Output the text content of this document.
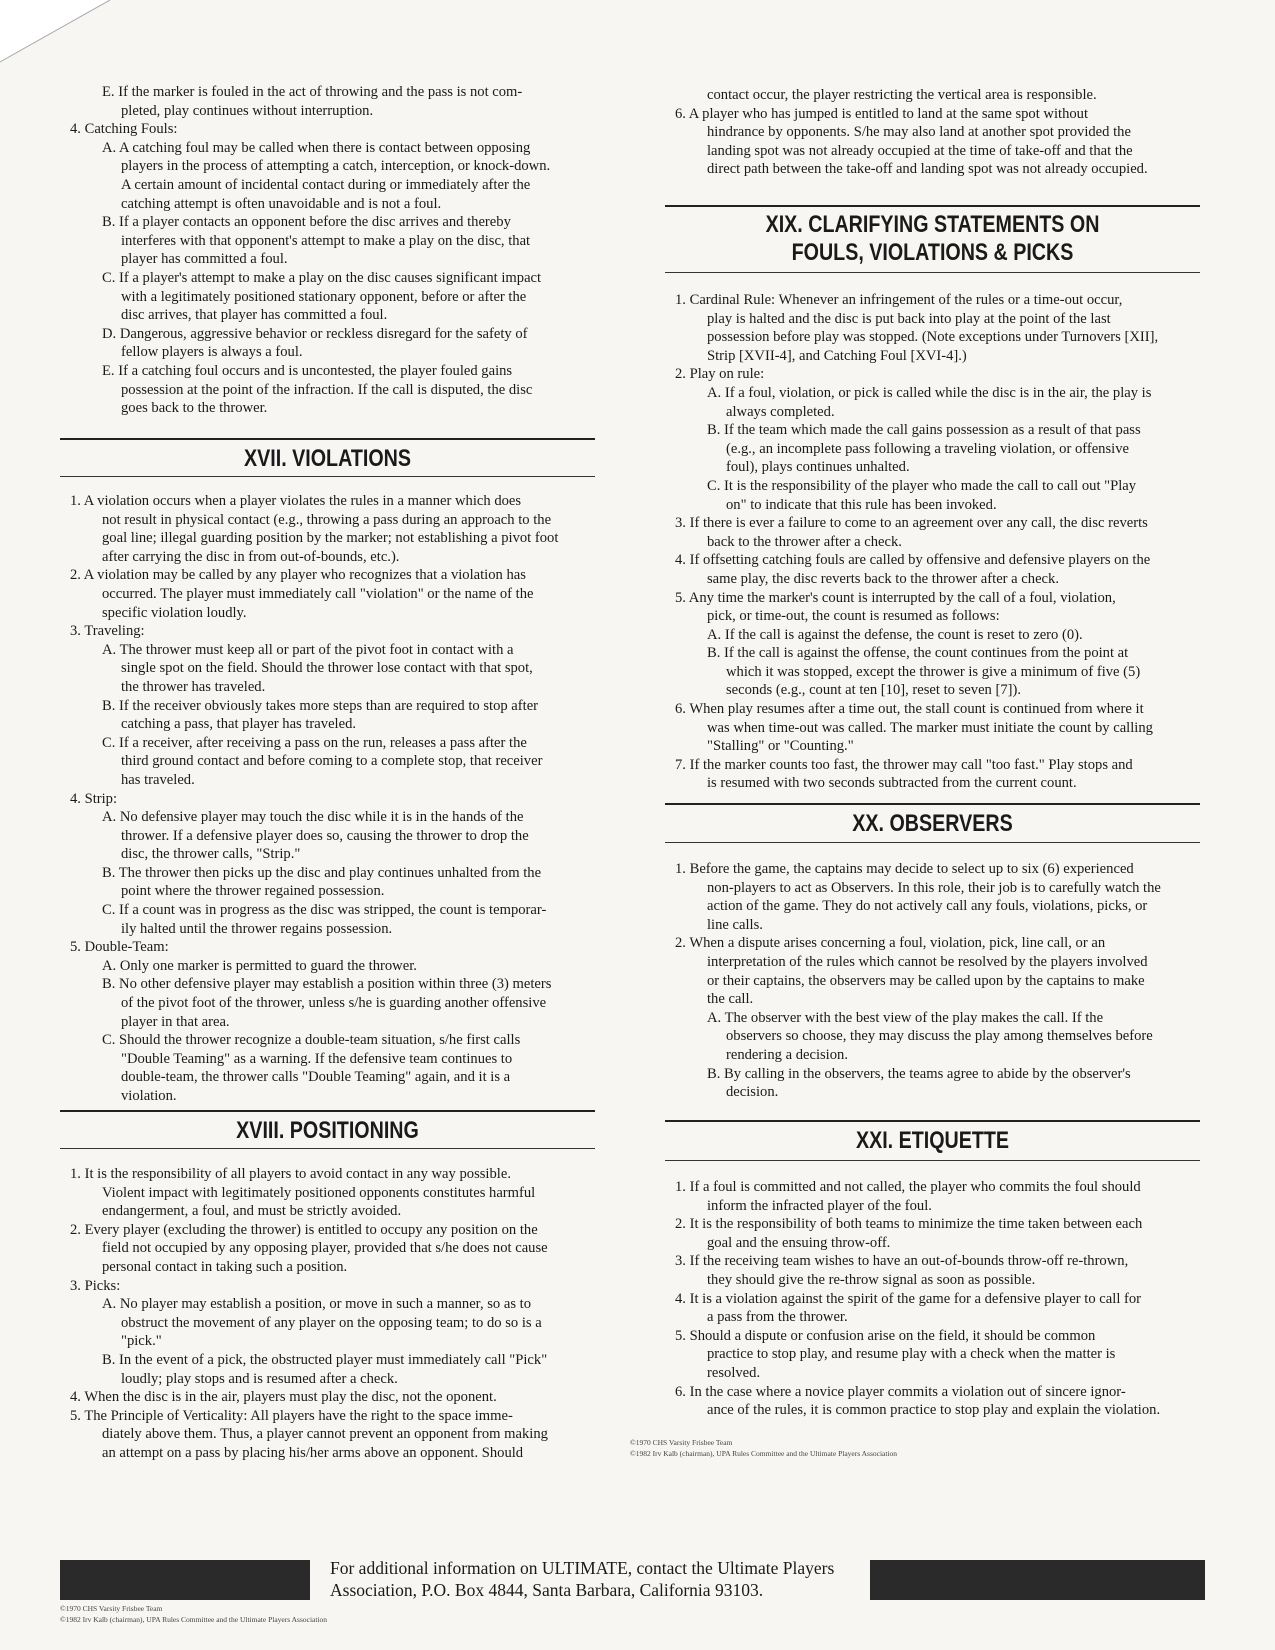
E. If the marker is fouled in the act of throwing and the pass is not com-
pleted, play continues without interruption.
4. Catching Fouls:
A. A catching foul may be called when there is contact between opposing
players in the process of attempting a catch, interception, or knock-down.
A certain amount of incidental contact during or immediately after the
catching attempt is often unavoidable and is not a foul.
B. If a player contacts an opponent before the disc arrives and thereby
interferes with that opponent's attempt to make a play on the disc, that
player has committed a foul.
C. If a player's attempt to make a play on the disc causes significant impact
with a legitimately positioned stationary opponent, before or after the
disc arrives, that player has committed a foul.
D. Dangerous, aggressive behavior or reckless disregard for the safety of
fellow players is always a foul.
E. If a catching foul occurs and is uncontested, the player fouled gains
possession at the point of the infraction. If the call is disputed, the disc
goes back to the thrower.
XVII. VIOLATIONS
1. A violation occurs when a player violates the rules in a manner which does
not result in physical contact (e.g., throwing a pass during an approach to the
goal line; illegal guarding position by the marker; not establishing a pivot foot
after carrying the disc in from out-of-bounds, etc.).
2. A violation may be called by any player who recognizes that a violation has
occurred. The player must immediately call "violation" or the name of the
specific violation loudly.
3. Traveling:
A. The thrower must keep all or part of the pivot foot in contact with a
single spot on the field. Should the thrower lose contact with that spot,
the thrower has traveled.
B. If the receiver obviously takes more steps than are required to stop after
catching a pass, that player has traveled.
C. If a receiver, after receiving a pass on the run, releases a pass after the
third ground contact and before coming to a complete stop, that receiver
has traveled.
4. Strip:
A. No defensive player may touch the disc while it is in the hands of the
thrower. If a defensive player does so, causing the thrower to drop the
disc, the thrower calls, "Strip."
B. The thrower then picks up the disc and play continues unhalted from the
point where the thrower regained possession.
C. If a count was in progress as the disc was stripped, the count is temporar-
ily halted until the thrower regains possession.
5. Double-Team:
A. Only one marker is permitted to guard the thrower.
B. No other defensive player may establish a position within three (3) meters
of the pivot foot of the thrower, unless s/he is guarding another offensive
player in that area.
C. Should the thrower recognize a double-team situation, s/he first calls
"Double Teaming" as a warning. If the defensive team continues to
double-team, the thrower calls "Double Teaming" again, and it is a
violation.
XVIII. POSITIONING
1. It is the responsibility of all players to avoid contact in any way possible.
Violent impact with legitimately positioned opponents constitutes harmful
endangerment, a foul, and must be strictly avoided.
2. Every player (excluding the thrower) is entitled to occupy any position on the
field not occupied by any opposing player, provided that s/he does not cause
personal contact in taking such a position.
3. Picks:
A. No player may establish a position, or move in such a manner, so as to
obstruct the movement of any player on the opposing team; to do so is a
"pick."
B. In the event of a pick, the obstructed player must immediately call "Pick"
loudly; play stops and is resumed after a check.
4. When the disc is in the air, players must play the disc, not the oponent.
5. The Principle of Verticality: All players have the right to the space imme-
diately above them. Thus, a player cannot prevent an opponent from making
an attempt on a pass by placing his/her arms above an opponent. Should
contact occur, the player restricting the vertical area is responsible.
6. A player who has jumped is entitled to land at the same spot without
hindrance by opponents. S/he may also land at another spot provided the
landing spot was not already occupied at the time of take-off and that the
direct path between the take-off and landing spot was not already occupied.
XIX. CLARIFYING STATEMENTS ON
FOULS, VIOLATIONS & PICKS
1. Cardinal Rule: Whenever an infringement of the rules or a time-out occur,
play is halted and the disc is put back into play at the point of the last
possession before play was stopped. (Note exceptions under Turnovers [XII],
Strip [XVII-4], and Catching Foul [XVI-4].)
2. Play on rule:
A. If a foul, violation, or pick is called while the disc is in the air, the play is
always completed.
B. If the team which made the call gains possession as a result of that pass
(e.g., an incomplete pass following a traveling violation, or offensive
foul), plays continues unhalted.
C. It is the responsibility of the player who made the call to call out "Play
on" to indicate that this rule has been invoked.
3. If there is ever a failure to come to an agreement over any call, the disc reverts
back to the thrower after a check.
4. If offsetting catching fouls are called by offensive and defensive players on the
same play, the disc reverts back to the thrower after a check.
5. Any time the marker's count is interrupted by the call of a foul, violation,
pick, or time-out, the count is resumed as follows:
A. If the call is against the defense, the count is reset to zero (0).
B. If the call is against the offense, the count continues from the point at
which it was stopped, except the thrower is give a minimum of five (5)
seconds (e.g., count at ten [10], reset to seven [7]).
6. When play resumes after a time out, the stall count is continued from where it
was when time-out was called. The marker must initiate the count by calling
"Stalling" or "Counting."
7. If the marker counts too fast, the thrower may call "too fast." Play stops and
is resumed with two seconds subtracted from the current count.
XX. OBSERVERS
1. Before the game, the captains may decide to select up to six (6) experienced
non-players to act as Observers. In this role, their job is to carefully watch the
action of the game. They do not actively call any fouls, violations, picks, or
line calls.
2. When a dispute arises concerning a foul, violation, pick, line call, or an
interpretation of the rules which cannot be resolved by the players involved
or their captains, the observers may be called upon by the captains to make
the call.
A. The observer with the best view of the play makes the call. If the
observers so choose, they may discuss the play among themselves before
rendering a decision.
B. By calling in the observers, the teams agree to abide by the observer's
decision.
XXI. ETIQUETTE
1. If a foul is committed and not called, the player who commits the foul should
inform the infracted player of the foul.
2. It is the responsibility of both teams to minimize the time taken between each
goal and the ensuing throw-off.
3. If the receiving team wishes to have an out-of-bounds throw-off re-thrown,
they should give the re-throw signal as soon as possible.
4. It is a violation against the spirit of the game for a defensive player to call for
a pass from the thrower.
5. Should a dispute or confusion arise on the field, it should be common
practice to stop play, and resume play with a check when the matter is
resolved.
6. In the case where a novice player commits a violation out of sincere ignor-
ance of the rules, it is common practice to stop play and explain the violation.
©1970 CHS Varsity Frisbee Team
©1982 Irv Kalb (chairman), UPA Rules Committee and the Ultimate Players Association
For additional information on ULTIMATE, contact the Ultimate Players
Association, P.O. Box 4844, Santa Barbara, California 93103.
©1970 CHS Varsity Frisbee Team
©1982 Irv Kalb (chairman), UPA Rules Committee and the Ultimate Players Association
